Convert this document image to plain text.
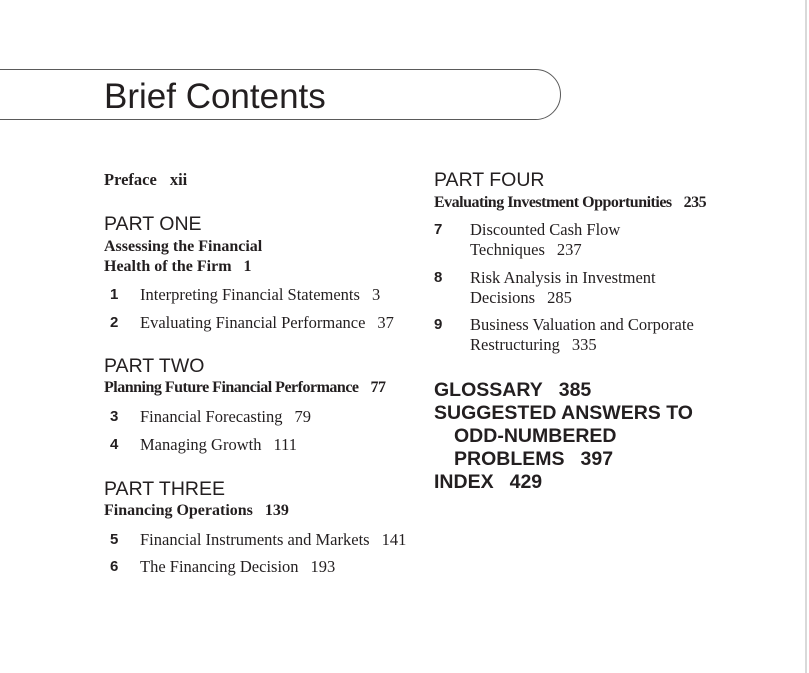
Brief Contents
Preface xii
PART ONE
Assessing the Financial
Health of the Firm 1
1	Interpreting Financial Statements 3
2	Evaluating Financial Performance 37
PART TWO
Planning Future Financial Performance 77
3	Financial Forecasting 79
4	Managing Growth 111
PART THREE
Financing Operations 139
5	Financial Instruments and Markets 141
6	The Financing Decision 193
PART FOUR
Evaluating Investment Opportunities 235
7	Discounted Cash Flow
Techniques 237
8	Risk Analysis in Investment
Decisions 285
9	Business Valuation and Corporate
Restructuring 335
GLOSSARY 385
SUGGESTED ANSWERS TO
ODD-NUMBERED
PROBLEMS 397
INDEX 429
